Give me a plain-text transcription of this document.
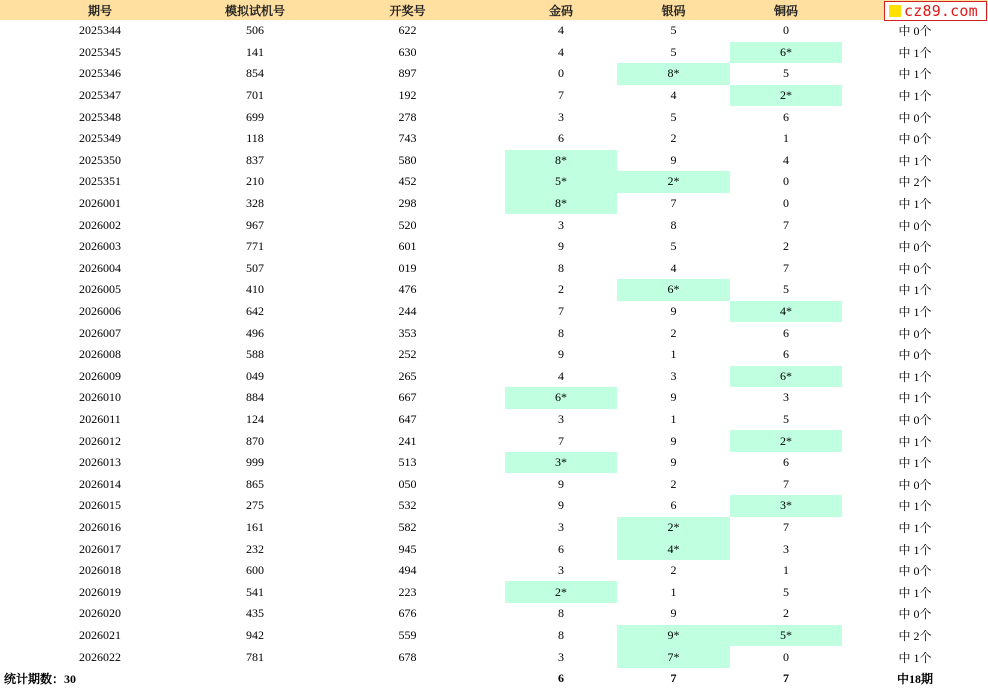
期号	模拟试机号	开奖号	金码	银码	铜码	
2025344	506	622	4	5	0	中 0个
2025345	141	630	4	5	6*	中 1个
2025346	854	897	0	8*	5	中 1个
2025347	701	192	7	4	2*	中 1个
2025348	699	278	3	5	6	中 0个
2025349	118	743	6	2	1	中 0个
2025350	837	580	8*	9	4	中 1个
2025351	210	452	5*	2*	0	中 2个
2026001	328	298	8*	7	0	中 1个
2026002	967	520	3	8	7	中 0个
2026003	771	601	9	5	2	中 0个
2026004	507	019	8	4	7	中 0个
2026005	410	476	2	6*	5	中 1个
2026006	642	244	7	9	4*	中 1个
2026007	496	353	8	2	6	中 0个
2026008	588	252	9	1	6	中 0个
2026009	049	265	4	3	6*	中 1个
2026010	884	667	6*	9	3	中 1个
2026011	124	647	3	1	5	中 0个
2026012	870	241	7	9	2*	中 1个
2026013	999	513	3*	9	6	中 1个
2026014	865	050	9	2	7	中 0个
2026015	275	532	9	6	3*	中 1个
2026016	161	582	3	2*	7	中 1个
2026017	232	945	6	4*	3	中 1个
2026018	600	494	3	2	1	中 0个
2026019	541	223	2*	1	5	中 1个
2026020	435	676	8	9	2	中 0个
2026021	942	559	8	9*	5*	中 2个
2026022	781	678	3	7*	0	中 1个
统计期数：30			6	7	7	中18期
cz89.com
